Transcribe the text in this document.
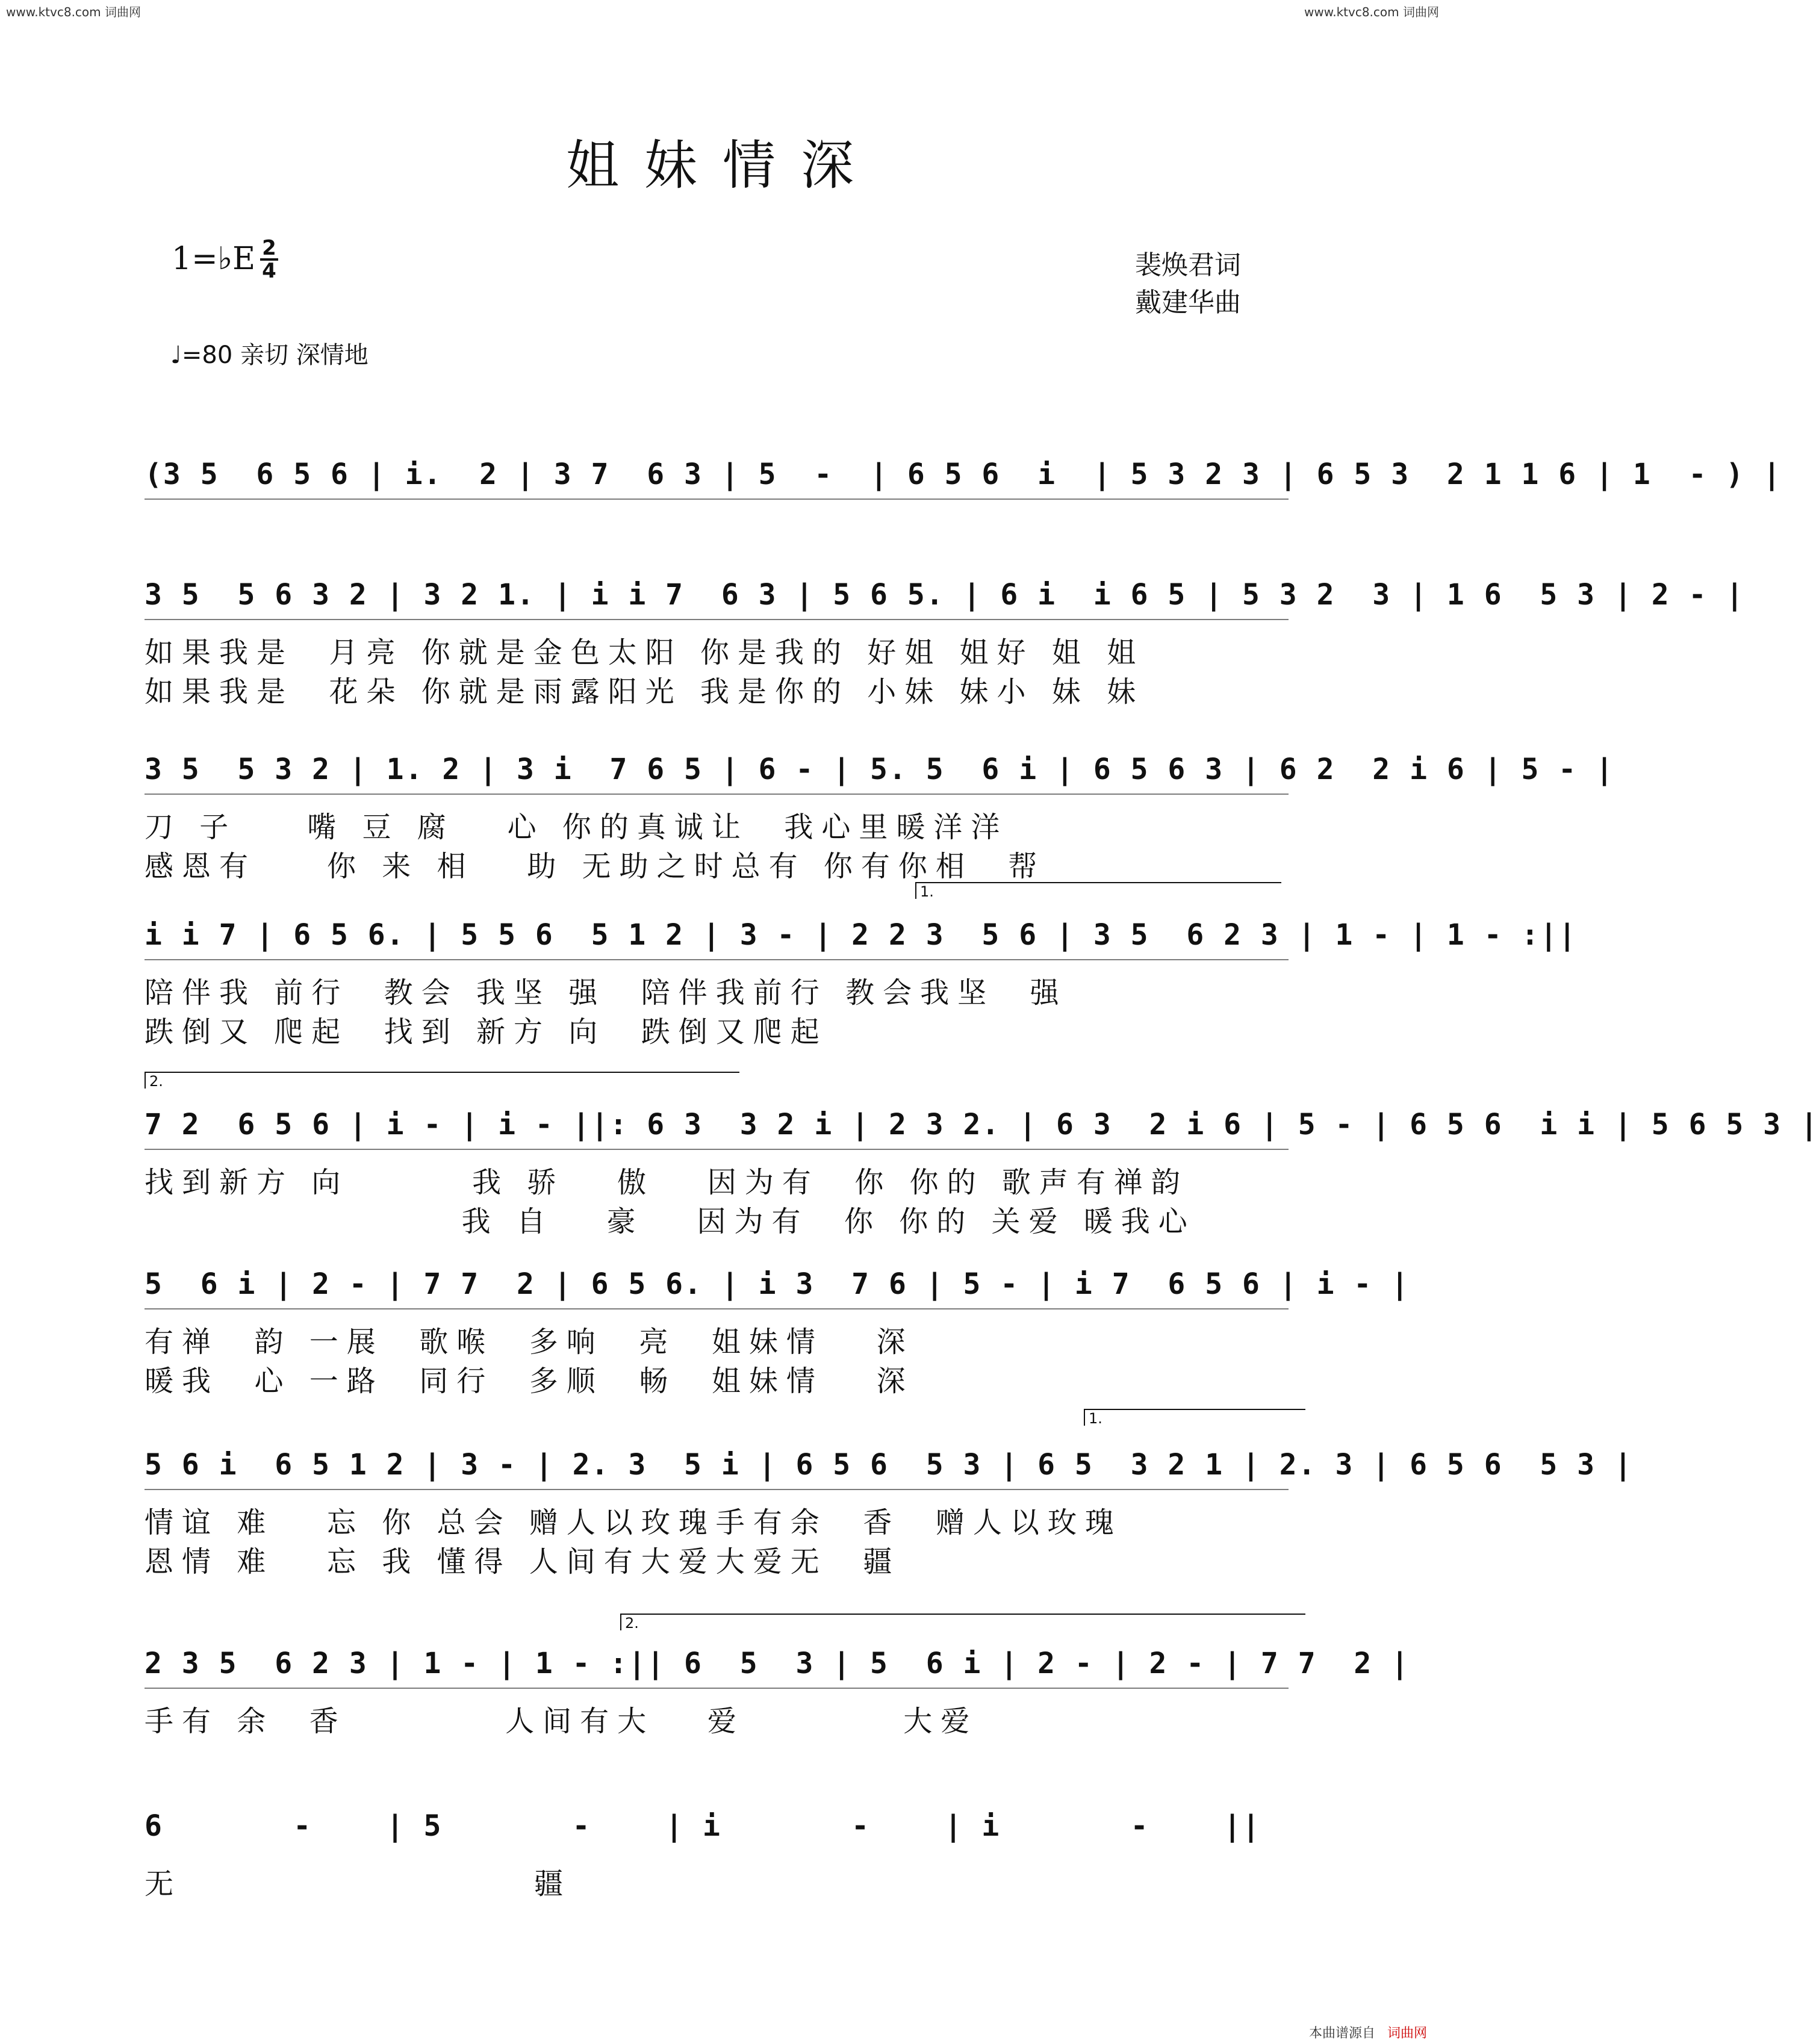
www.ktvc8.com 词曲网	www.ktvc8.com 词曲网
姐妹情深
1=♭E 2
4
♩=80 亲切 深情地
裴焕君词
戴建华曲
(3 5  6 5 6 | i.  2 | 3 7  6 3 | 5  -  | 6 5 6  i  | 5 3 2 3 | 6 5 3  2 1 1 6 | 1  - ) |
3 5  5 6 3 2 | 3 2 1. | i i 7  6 3 | 5 6 5. | 6 i  i 6 5 | 5 3 2  3 | 1 6  5 3 | 2 - |
如果我是  月亮 你就是金色太阳 你是我的 好姐 姐好 姐 姐
如果我是  花朵 你就是雨露阳光 我是你的 小妹 妹小 妹 妹
3 5  5 3 2 | 1. 2 | 3 i  7 6 5 | 6 - | 5. 5  6 i | 6 5 6 3 | 6 2  2 i 6 | 5 - |
刀 子    嘴 豆 腐   心 你的真诚让  我心里暖洋洋
感恩有    你 来 相   助 无助之时总有 你有你相  帮
1.
i i 7 | 6 5 6. | 5 5 6  5 1 2 | 3 - | 2 2 3  5 6 | 3 5  6 2 3 | 1 - | 1 - :||
陪伴我 前行  教会 我坚 强  陪伴我前行 教会我坚  强
跌倒又 爬起  找到 新方 向  跌倒又爬起
2.
7 2  6 5 6 | i - | i - ||: 6 3  3 2 i | 2 3 2. | 6 3  2 i 6 | 5 - | 6 5 6  i i | 5 6 5 3 |
找到新方 向       我 骄   傲   因为有  你 你的 歌声有禅韵
我 自   豪   因为有  你 你的 关爱 暖我心
5  6 i | 2 - | 7 7  2 | 6 5 6. | i 3  7 6 | 5 - | i 7  6 5 6 | i - |
有禅  韵 一展  歌喉  多响  亮  姐妹情   深
暖我  心 一路  同行  多顺  畅  姐妹情   深
1.
5 6 i  6 5 1 2 | 3 - | 2. 3  5 i | 6 5 6  5 3 | 6 5  3 2 1 | 2. 3 | 6 5 6  5 3 |
情谊 难   忘 你 总会 赠人以玫瑰手有余  香  赠人以玫瑰
恩情 难   忘 我 懂得 人间有大爱大爱无  疆
2.
2 3 5  6 2 3 | 1 - | 1 - :|| 6  5  3 | 5  6 i | 2 - | 2 - | 7 7  2 |
手有 余  香         人间有大   爱         大爱
6       -    | 5       -    | i       -    | i       -    ||
无                    疆
本曲谱源自 词曲网
